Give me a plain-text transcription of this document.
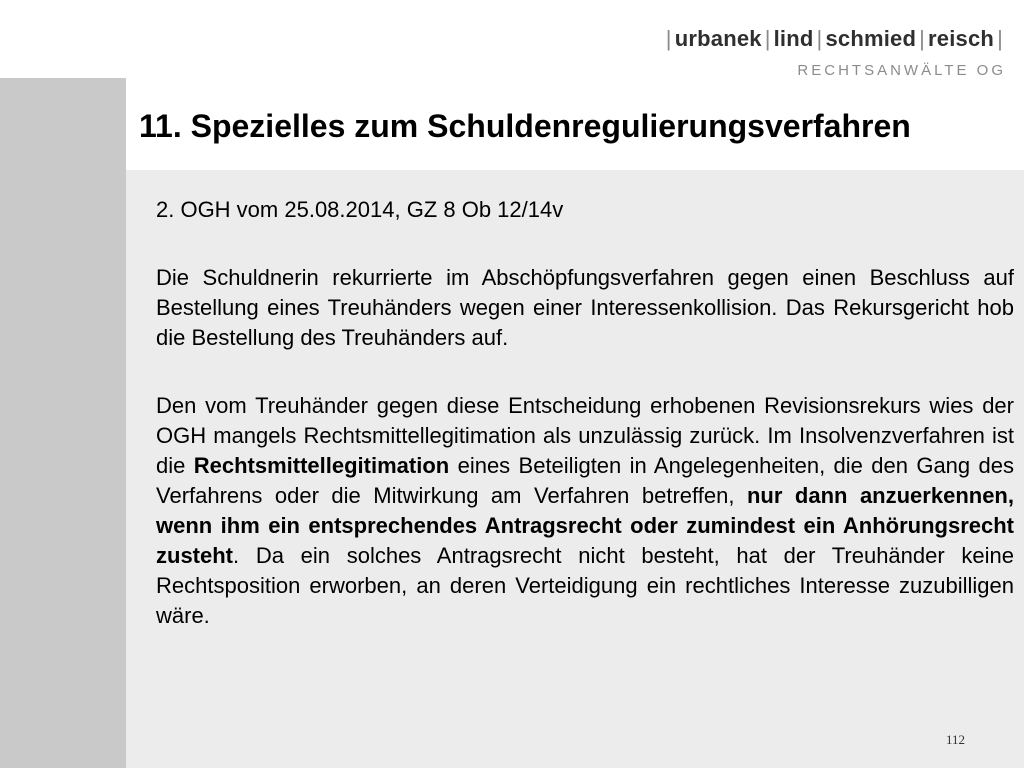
| urbanek | lind | schmied | reisch |
RECHTSANWÄLTE OG
11. Spezielles zum Schuldenregulierungsverfahren

2. OGH vom 25.08.2014, GZ 8 Ob 12/14v

Die Schuldnerin rekurrierte im Abschöpfungsverfahren gegen einen Beschluss auf Bestellung eines Treuhänders wegen einer Interessenkollision. Das Rekursgericht hob die Bestellung des Treuhänders auf.

Den vom Treuhänder gegen diese Entscheidung erhobenen Revisionsrekurs wies der OGH mangels Rechtsmittellegitimation als unzulässig zurück. Im Insolvenzverfahren ist die Rechtsmittellegitimation eines Beteiligten in Angelegenheiten, die den Gang des Verfahrens oder die Mitwirkung am Verfahren betreffen, nur dann anzuerkennen, wenn ihm ein entsprechendes Antragsrecht oder zumindest ein Anhörungsrecht zusteht. Da ein solches Antragsrecht nicht besteht, hat der Treuhänder keine Rechtsposition erworben, an deren Verteidigung ein rechtliches Interesse zuzubilligen wäre.

112
